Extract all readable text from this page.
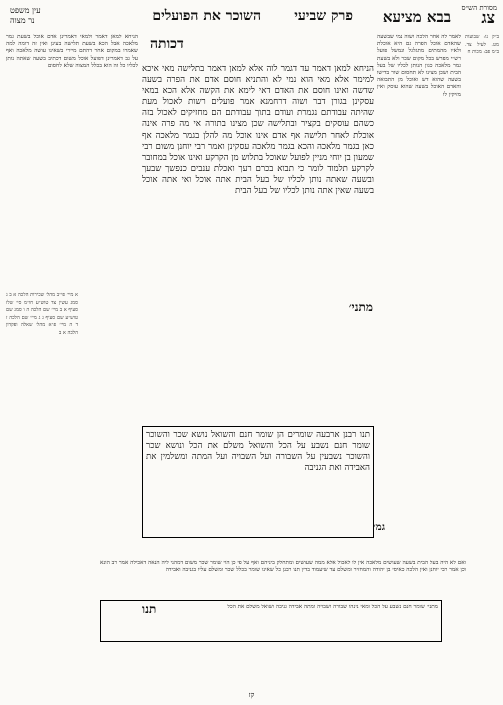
צג
בבא מציעא
פרק שביעי
השוכר את הפועלים
עין משפט
נר מצוה
מסורת הש״ס

ב״ק נו: שבועות מט. לעיל צד. ב״מ פב: מכות ח

לאמר לה אחר הלכה ושוה נמי שבשעה שהאדם אוכל הפרה גם היא אוכלת ולאיו מהמתים מתגלגל ונמשל פועל רש״י מפרש בכל מקום שכר ולא בשעת גמר מלאכה כגון הנותן לכליו של בעל הבית ושכן מצינו לא תחסום שור בדישו בשעה שהוא דש ואוכל מן התבואה והאדם האוכל בשעה שהוא עוסק ואין מזיקין לו

הניחא למאן דאמר ולמאי דאמרינן אדם אוכל בשעת גמר מלאכה אבל הכא בשעת תלישה בעינן ואין זה דומה למה שאמרו במקום אחר דהתם מיירי בשאינו עושה מלאכה ואף על גב דאמרינן דפועל אוכל משום דכתיב בשעה שאתה נותן לכליו כל זה הוא בכלל המצוה שלא לחסום

א מיי׳ פי״ב מהל׳ שכירות הלכה א ב ג סמג עשין צד טוש״ע חו״מ סי׳ שלז סעיף א ב מיי׳ שם הלכה ה ו סמג שם טוש״ע שם סעיף ג ג מיי׳ שם הלכה ז ד ה מיי׳ פ״א מהל׳ שאלה ופקדון הלכה א ב

הניחא למאן דאמר עד דגמר לוה אלא למאן דאמר בתלישה מאי איכא למימר אלא מאי הוא נמי לא והתניא חוסם אדם את הפרה בשעה שדשה ואינו חוסם את האדם דאי לימא את הקשה אלא הכא במאי עסקינן בגורן דבר ושוה דרחמנא אמר פועלים רשות לאכול מעת שהיתה עבודתם נגמרת ועודם בתוך עבודתם הם מחזיקים לאכול בזה כשהם עוסקים בקציר ובתלישה שכן מצינו בתורה אי מה פרה אינה אוכלת לאחר תלישה אף אדם אינו אוכל מה להלן בגמר מלאכה אף כאן בגמר מלאכה והכא בגמר מלאכה עסקינן ואמר רבי יוחנן משום רבי שמעון בן יוחי מניין לפועל שאוכל בתלוש מן הקרקע ואינו אוכל במחובר לקרקע תלמוד לומר כי תבוא בכרם רעך ואכלת ענבים כנפשך שבעך ובשעה שאתה נותן לכליו של בעל הבית אתה אוכל ואי אתה אוכל בשעה שאין אתה נותן לכליו של בעל הבית

תנו רבנן ארבעה שומרים הן שומר חנם והשואל נושא שכר והשוכר שומר חנם נשבע על הכל והשואל משלם את הכל ונושא שכר והשוכר נשבעין על השבורה ועל השבויה ועל המתה ומשלמין את האבידה ואת הגניבה

ואם לא היה בעל הבית בשעה שעושים מלאכה אין לו לאכול אלא ממה שעושים ומתחלק ביניהם ואף על פי כן הוי שומר שכר משום דמהני ליה הנאה דאכילה אמר רב הונא וכן אמר רבי יוחנן ואין הלכה כאיסי בן יהודה והמחזיר ומשלם עד שיעמוד בדין תנו רבנן כל שאינו שומר בכלל שכר ומשלם עליו בגניבה ואבידה

מתני׳ שומר חנם נשבע על הכל ומאי נינהו שבורה ושבויה ומתה אבידה גניבה ושואל משלם את הכל

דכותה
מתני׳
גמ׳
תנו
קז
